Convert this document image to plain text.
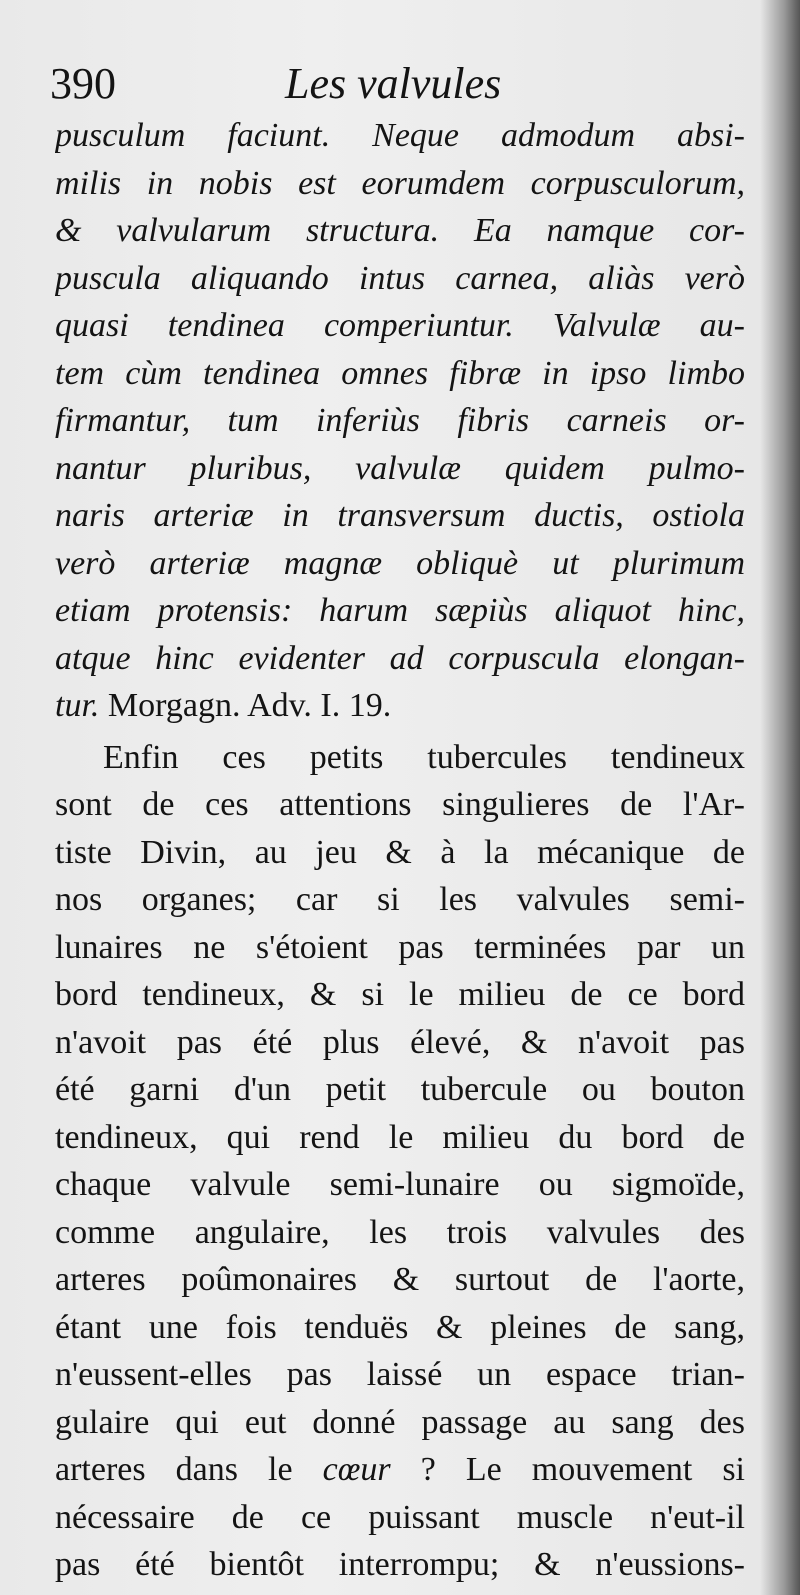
390	Les valvules
pusculum faciunt. Neque admodum absi-
milis in nobis est eorumdem corpusculorum,
& valvularum structura. Ea namque cor-
puscula aliquando intus carnea, aliàs verò
quasi tendinea comperiuntur. Valvulæ au-
tem cùm tendinea omnes fibræ in ipso limbo
firmantur, tum inferiùs fibris carneis or-
nantur pluribus, valvulæ quidem pulmo-
naris arteriæ in transversum ductis, ostiola
verò arteriæ magnæ obliquè ut plurimum
etiam protensis: harum sæpiùs aliquot hinc,
atque hinc evidenter ad corpuscula elongan-
tur. Morgagn. Adv. I. 19.
Enfin ces petits tubercules tendineux
sont de ces attentions singulieres de l'Ar-
tiste Divin, au jeu & à la mécanique de
nos organes; car si les valvules semi-
lunaires ne s'étoient pas terminées par un
bord tendineux, & si le milieu de ce bord
n'avoit pas été plus élevé, & n'avoit pas
été garni d'un petit tubercule ou bouton
tendineux, qui rend le milieu du bord de
chaque valvule semi-lunaire ou sigmoïde,
comme angulaire, les trois valvules des
arteres poûmonaires & surtout de l'aorte,
étant une fois tenduës & pleines de sang,
n'eussent-elles pas laissé un espace trian-
gulaire qui eut donné passage au sang des
arteres dans le cœur ? Le mouvement si
nécessaire de ce puissant muscle n'eut-il
pas été bientôt interrompu; & n'eussions-
